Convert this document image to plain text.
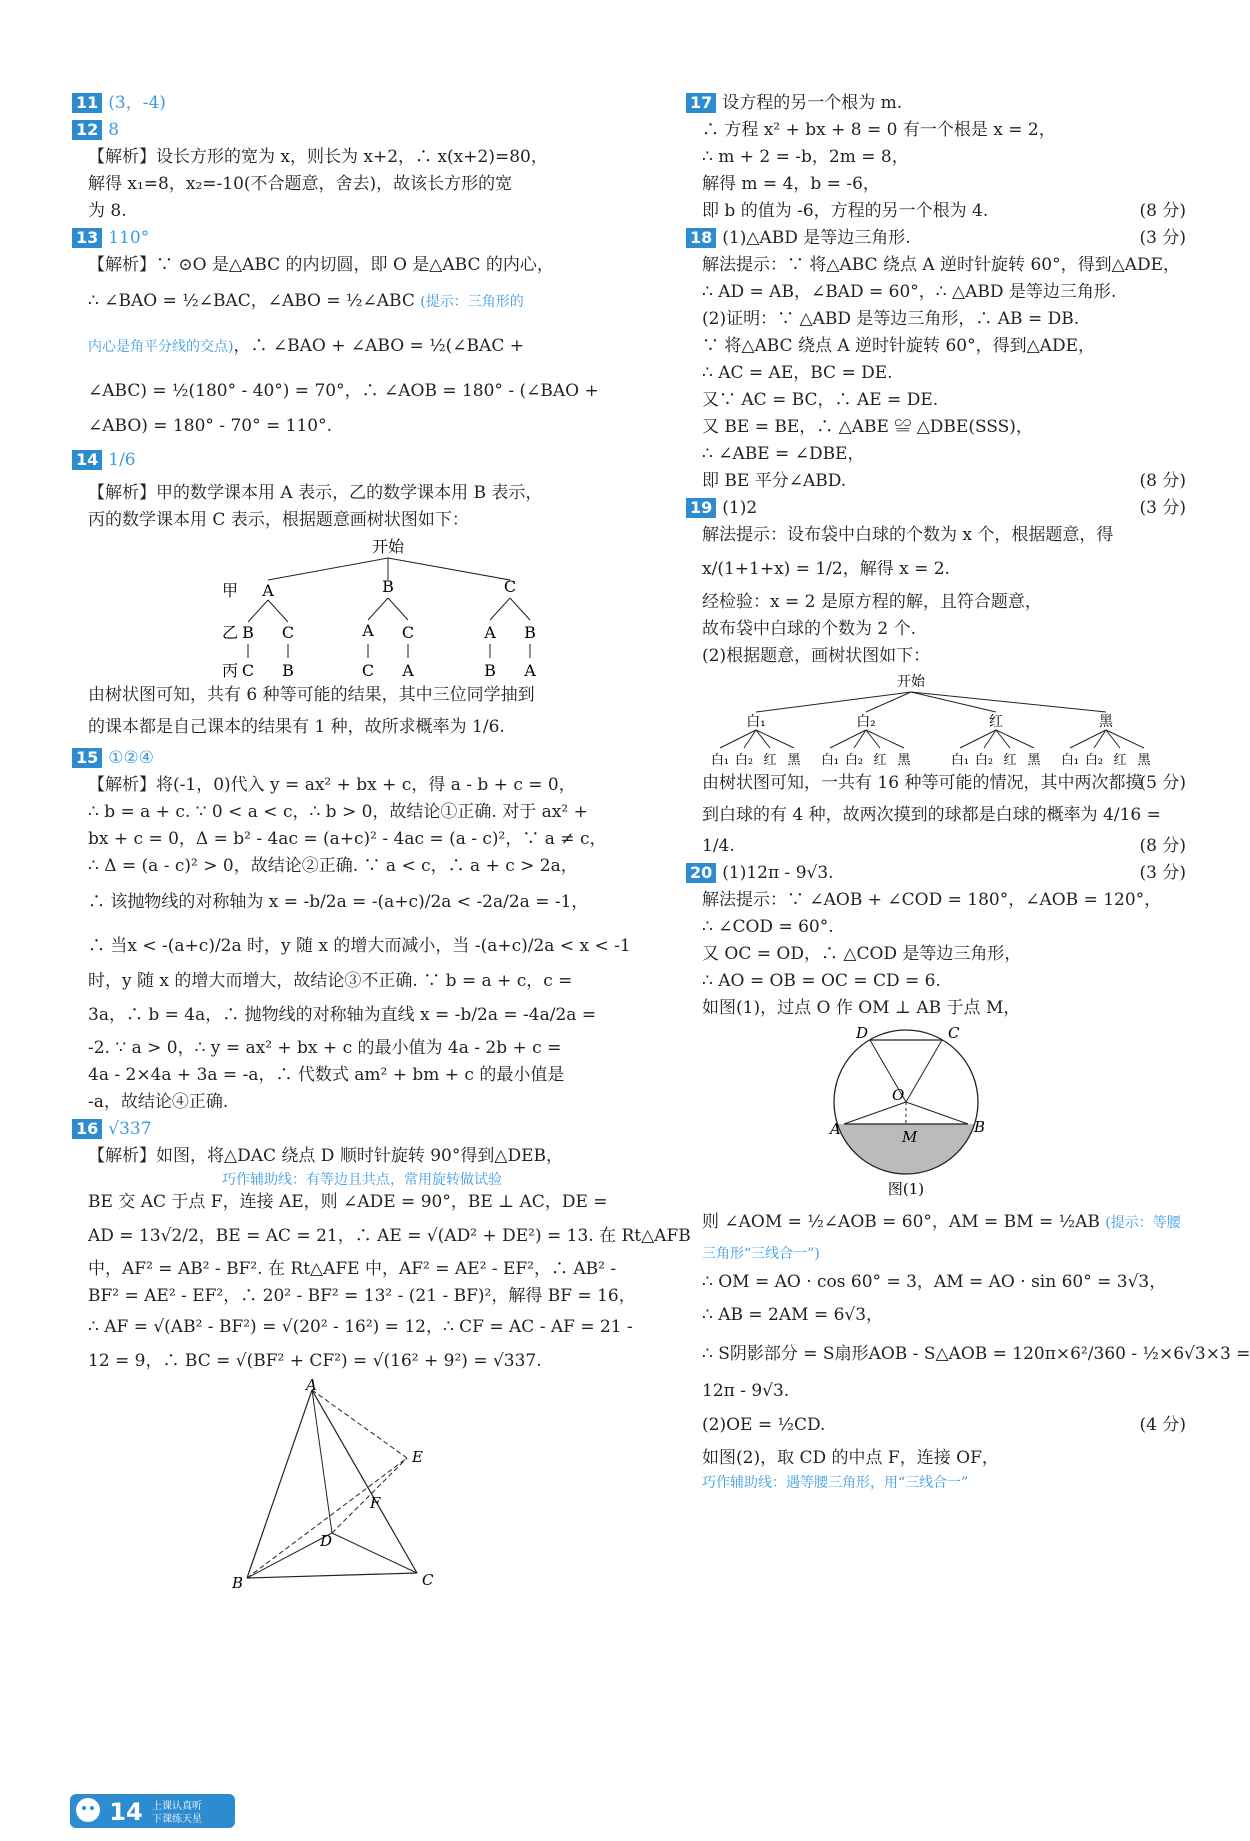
11 (3，-4)

12 8

【解析】设长方形的宽为 x，则长为 x+2，∴ x(x+2)=80，

解得 x₁=8，x₂=-10(不合题意，舍去)，故该长方形的宽

为 8.

13 110°

【解析】∵ ⊙O 是△ABC 的内切圆，即 O 是△ABC 的内心，

∴ ∠BAO = ½∠BAC，∠ABO = ½∠ABC (提示：三角形的

内心是角平分线的交点)，∴ ∠BAO + ∠ABO = ½(∠BAC +

∠ABC) = ½(180° - 40°) = 70°，∴ ∠AOB = 180° - (∠BAO +

∠ABO) = 180° - 70° = 110°.

14 1/6

【解析】甲的数学课本用 A 表示，乙的数学课本用 B 表示，

丙的数学课本用 C 表示，根据题意画树状图如下：

开始
甲 A	B	C
乙 B C	A C	A B
丙 C B	C A	B A

由树状图可知，共有 6 种等可能的结果，其中三位同学抽到

的课本都是自己课本的结果有 1 种，故所求概率为 1/6.

15 ①②④

【解析】将(-1，0)代入 y = ax² + bx + c，得 a - b + c = 0，

∴ b = a + c. ∵ 0 < a < c，∴ b > 0，故结论①正确. 对于 ax² +

bx + c = 0，Δ = b² - 4ac = (a+c)² - 4ac = (a - c)²，∵ a ≠ c，

∴ Δ = (a - c)² > 0，故结论②正确. ∵ a < c，∴ a + c > 2a，

∴ 该抛物线的对称轴为 x = -b/2a = -(a+c)/2a < -2a/2a = -1，

∴ 当x < -(a+c)/2a 时，y 随 x 的增大而减小，当 -(a+c)/2a < x < -1

时，y 随 x 的增大而增大，故结论③不正确. ∵ b = a + c，c =

3a，∴ b = 4a，∴ 抛物线的对称轴为直线 x = -b/2a = -4a/2a =

-2. ∵ a > 0，∴ y = ax² + bx + c 的最小值为 4a - 2b + c =

4a - 2×4a + 3a = -a，∴ 代数式 am² + bm + c 的最小值是

-a，故结论④正确.

16 √337

【解析】如图，将△DAC 绕点 D 顺时针旋转 90°得到△DEB，

巧作辅助线：有等边且共点，常用旋转做试验

BE 交 AC 于点 F，连接 AE，则 ∠ADE = 90°，BE ⊥ AC，DE =

AD = 13√2/2，BE = AC = 21，∴ AE = √(AD² + DE²) = 13. 在 Rt△AFB

中，AF² = AB² - BF². 在 Rt△AFE 中，AF² = AE² - EF²，∴ AB² -

BF² = AE² - EF²，∴ 20² - BF² = 13² - (21 - BF)²，解得 BF = 16，

∴ AF = √(AB² - BF²) = √(20² - 16²) = 12，∴ CF = AC - AF = 21 -

12 = 9，∴ BC = √(BF² + CF²) = √(16² + 9²) = √337.

A
E
D
F
B	C

17 设方程的另一个根为 m.

∴ 方程 x² + bx + 8 = 0 有一个根是 x = 2，

∴ m + 2 = -b，2m = 8，

解得 m = 4，b = -6，

即 b 的值为 -6，方程的另一个根为 4.	(8 分)

18 (1)△ABD 是等边三角形.	(3 分)

解法提示：∵ 将△ABC 绕点 A 逆时针旋转 60°，得到△ADE，

∴ AD = AB，∠BAD = 60°，∴ △ABD 是等边三角形.

(2)证明：∵ △ABD 是等边三角形，∴ AB = DB.

∵ 将△ABC 绕点 A 逆时针旋转 60°，得到△ADE，

∴ AC = AE，BC = DE.

又∵ AC = BC，∴ AE = DE.

又 BE = BE，∴ △ABE ≌ △DBE(SSS)，

∴ ∠ABE = ∠DBE，

即 BE 平分∠ABD.	(8 分)

19 (1)2	(3 分)

解法提示：设布袋中白球的个数为 x 个，根据题意，得

x/(1+1+x) = 1/2，解得 x = 2.

经检验：x = 2 是原方程的解，且符合题意，

故布袋中白球的个数为 2 个.

(2)根据题意，画树状图如下：

开始
白₁	白₂	红	黑
白₁ 白₂ 红 黑 白₁ 白₂ 红 黑	白₁ 白₂ 红 黑 白₁ 白₂ 红 黑

(5 分)

由树状图可知，一共有 16 种等可能的情况，其中两次都摸

到白球的有 4 种，故两次摸到的球都是白球的概率为 4/16 =

1/4.	(8 分)

20 (1)12π - 9√3.	(3 分)

解法提示：∵ ∠AOB + ∠COD = 180°，∠AOB = 120°，

∴ ∠COD = 60°.

又 OC = OD，∴ △COD 是等边三角形，

∴ AO = OB = OC = CD = 6.

如图(1)，过点 O 作 OM ⊥ AB 于点 M，

D	C
O
A	B
M
图(1)

则 ∠AOM = ½∠AOB = 60°，AM = BM = ½AB (提示：等腰

三角形“三线合一”)

∴ OM = AO · cos 60° = 3，AM = AO · sin 60° = 3√3，

∴ AB = 2AM = 6√3，

∴ S阴影部分 = S扇形AOB - S△AOB = 120π×6²/360 - ½×6√3×3 =

12π - 9√3.

(2)OE = ½CD.	(4 分)

如图(2)，取 CD 的中点 F，连接 OF，

巧作辅助线：遇等腰三角形，用“三线合一”

14 上课认真听
下课练天星
